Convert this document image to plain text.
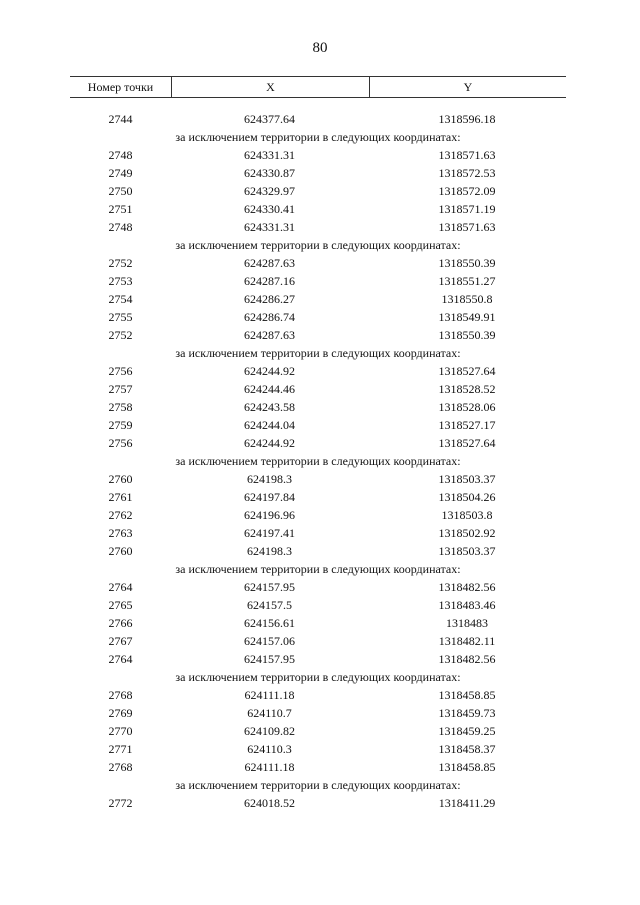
80
Номер точки	X	Y
2744	624377.64	1318596.18
за исключением территории в следующих координатах:
2748	624331.31	1318571.63
2749	624330.87	1318572.53
2750	624329.97	1318572.09
2751	624330.41	1318571.19
2748	624331.31	1318571.63
за исключением территории в следующих координатах:
2752	624287.63	1318550.39
2753	624287.16	1318551.27
2754	624286.27	1318550.8
2755	624286.74	1318549.91
2752	624287.63	1318550.39
за исключением территории в следующих координатах:
2756	624244.92	1318527.64
2757	624244.46	1318528.52
2758	624243.58	1318528.06
2759	624244.04	1318527.17
2756	624244.92	1318527.64
за исключением территории в следующих координатах:
2760	624198.3	1318503.37
2761	624197.84	1318504.26
2762	624196.96	1318503.8
2763	624197.41	1318502.92
2760	624198.3	1318503.37
за исключением территории в следующих координатах:
2764	624157.95	1318482.56
2765	624157.5	1318483.46
2766	624156.61	1318483
2767	624157.06	1318482.11
2764	624157.95	1318482.56
за исключением территории в следующих координатах:
2768	624111.18	1318458.85
2769	624110.7	1318459.73
2770	624109.82	1318459.25
2771	624110.3	1318458.37
2768	624111.18	1318458.85
за исключением территории в следующих координатах:
2772	624018.52	1318411.29
